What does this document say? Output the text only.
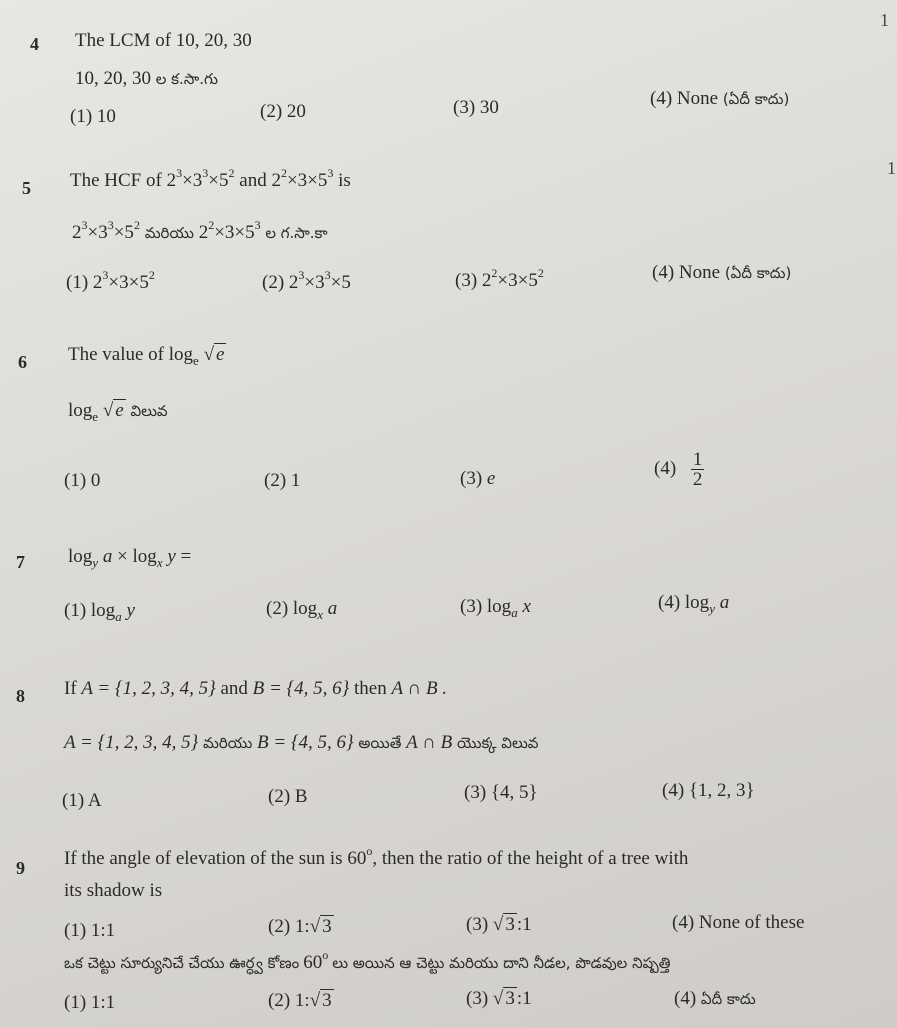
1
1
4 The LCM of 10, 20, 30
10, 20, 30 ల క.సా.గు
(1) 10	(2) 20	(3) 30	(4) None (ఏదీ కాదు)
5 The HCF of $2^3\times 3^3\times 5^2$ and $2^2\times 3\times 5^3$ is
$2^3\times 3^3\times 5^2$ మరియు $2^2\times 3\times 5^3$ ల గ.సా.కా
(1) $2^3\times 3\times 5^2$	(2) $2^3\times 3^3\times 5$	(3) $2^2\times 3\times 5^2$	(4) None (ఏదీ కాదు)
6 The value of $\log_e$ √ e
$\log_e$ √ e విలువ
(1) 0	(2) 1	(3) e	$(4) \frac{1}{2}$
7 $\log_y a \times \log_x y$ =
(1) $\log_a y$	(2) $\log_x a$	(3) $\log_a x$	(4) $\log_y a$
8 If A = {1, 2, 3, 4, 5} and B = {4, 5, 6} then A ∩ B .
A = {1, 2, 3, 4, 5} మరియు B = {4, 5, 6} అయితే A ∩ B యొక్క విలువ
(1) A	(2) B	(3) {4, 5}	(4) {1, 2, 3}
9 If the angle of elevation of the sun is 60$^o$, then the ratio of the height of a tree with
its shadow is
(1) 1:1	(2) 1:√ 3	(3) √ 3 :1	(4) None of these
ఒక చెట్టు సూర్యునిచే చేయు ఊర్ధ్వ కోణం 60$^o$ లు అయిన ఆ చెట్టు మరియు దాని నీడల, పొడవుల నిష్పత్తి
(1) 1:1	(2) 1:√ 3	(3) √ 3 :1	(4) ఏదీ కాదు
